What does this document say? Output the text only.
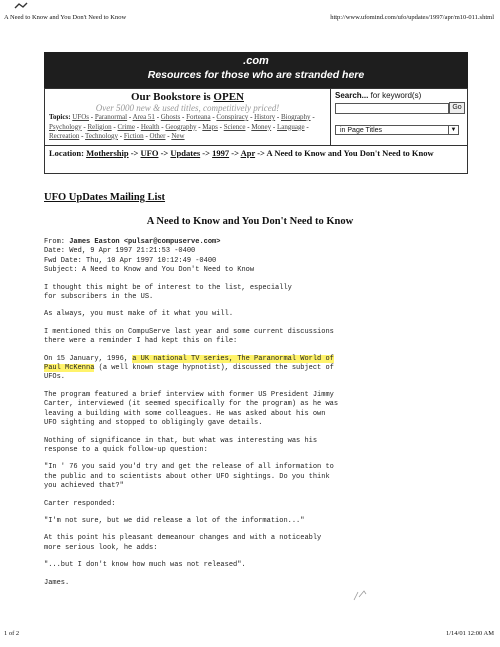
A Need to Know and You Don't Need to Know	http://www.ufomind.com/ufo/updates/1997/apr/m10-011.shtml
.com
Resources for those who are stranded here
Our Bookstore is OPEN
Over 5000 new & used titles, competitively priced!
Topics: UFOs - Paranormal - Area 51 - Ghosts - Forteana - Conspiracy - History - Biography - Psychology - Religion - Crime - Health - Geography - Maps - Science - Money - Language - Recreation - Technology - Fiction - Other - New
Search... for keyword(s)
Go
in Page Titles	▼
Location: Mothership -> UFO -> Updates -> 1997 -> Apr -> A Need to Know and You Don't Need to Know
UFO UpDates Mailing List
A Need to Know and You Don't Need to Know

From: James Easton <pulsar@compuserve.com>
Date: Wed, 9 Apr 1997 21:21:53 -0400
Fwd Date: Thu, 10 Apr 1997 10:12:49 -0400
Subject: A Need to Know and You Don't Need to Know

I thought this might be of interest to the list, especially
for subscribers in the US.

As always, you must make of it what you will.

I mentioned this on CompuServe last year and some current discussions
there were a reminder I had kept this on file:

On 15 January, 1996, a UK national TV series, The Paranormal World of
Paul McKenna (a well known stage hypnotist), discussed the subject of
UFOs.

The program featured a brief interview with former US President Jimmy
Carter, interviewed (it seemed specifically for the program) as he was
leaving a building with some colleagues. He was asked about his own
UFO sighting and stopped to obligingly gave details.

Nothing of significance in that, but what was interesting was his
response to a quick follow-up question:

"In ' 76 you said you'd try and get the release of all information to
the public and to scientists about other UFO sightings. Do you think
you achieved that?"

Carter responded:

"I'm not sure, but we did release a lot of the information..."

At this point his pleasant demeanour changes and with a noticeably
more serious look, he adds:

"...but I don't know how much was not released".

James.

1 of 2	1/14/01 12:00 AM
